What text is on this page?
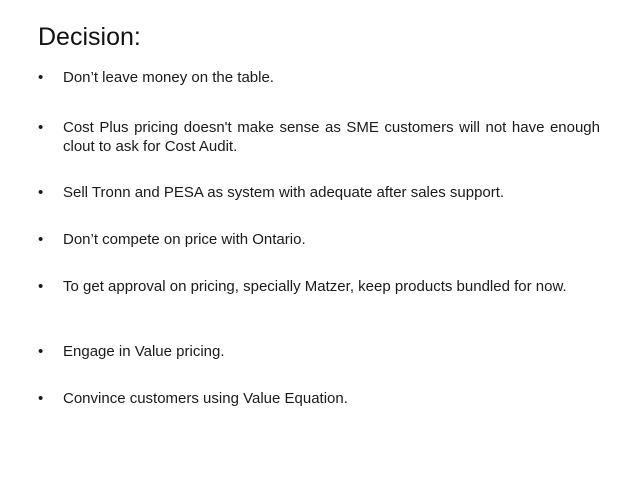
Decision:
•	Don’t leave money on the table.
•	Cost Plus pricing doesn't make sense as SME customers will not have enough clout to ask for Cost Audit.
•	Sell Tronn and PESA as system with adequate after sales support.
•	Don’t compete on price with Ontario.
•	To get approval on pricing, specially Matzer, keep products bundled for now.
•	Engage in Value pricing.
•	Convince customers using Value Equation.
